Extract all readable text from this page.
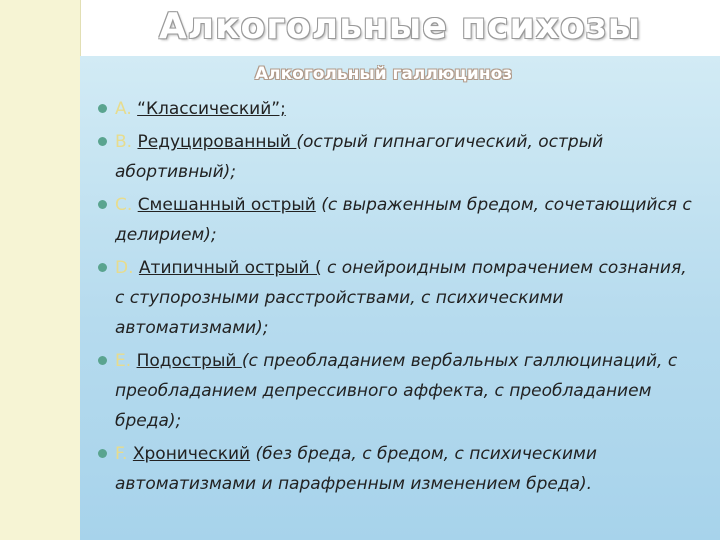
Алкогольные психозы
Алкогольный галлюциноз
A. “Классический”;
B. Редуцированный (острый гипнагогический, острый абортивный);
C. Смешанный острый (с выраженным бредом, сочетающийся с делирием);
D. Атипичный острый ( с онейроидным помрачением сознания, с ступорозными расстройствами, с психическими автоматизмами);
E. Подострый (с преобладанием вербальных галлюцинаций, с преобладанием депрессивного аффекта, с преобладанием бреда);
F. Хронический (без бреда, с бредом, с психическими автоматизмами и парафренным изменением бреда).
